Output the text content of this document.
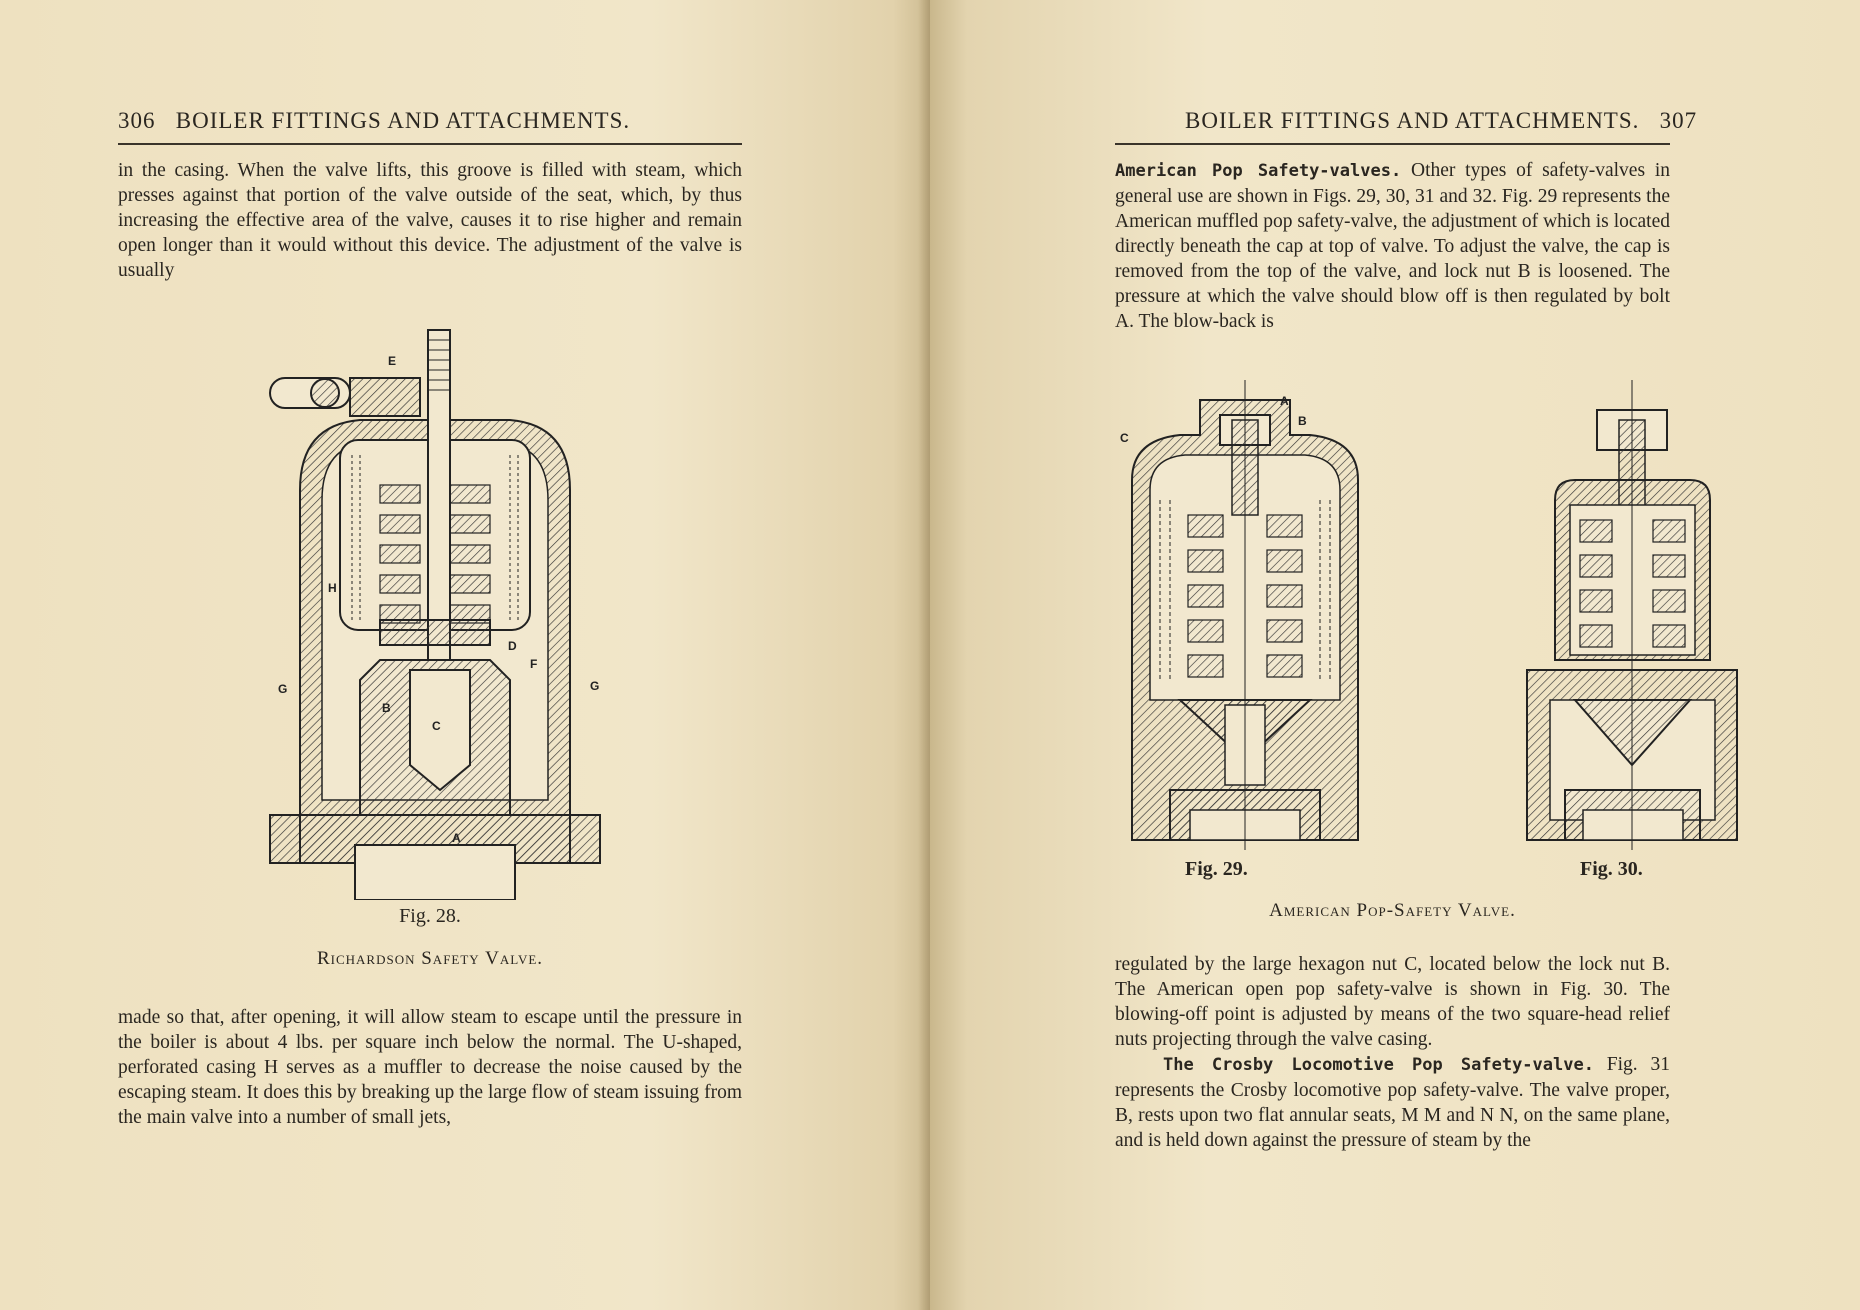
306 BOILER FITTINGS AND ATTACHMENTS.

in the casing. When the valve lifts, this groove is filled with steam, which presses against that portion of the valve outside of the seat, which, by thus increasing the effective area of the valve, causes it to rise higher and remain open longer than it would without this device. The adjustment of the valve is usually

E
H
D
F
G	G
B
C
A
Fig. 28.
Richardson Safety Valve.

made so that, after opening, it will allow steam to escape until the pressure in the boiler is about 4 lbs. per square inch below the normal. The U-shaped, perforated casing H serves as a muffler to decrease the noise caused by the escaping steam. It does this by breaking up the large flow of steam issuing from the main valve into a number of small jets,

BOILER FITTINGS AND ATTACHMENTS. 307

American Pop Safety-valves. Other types of safety-valves in general use are shown in Figs. 29, 30, 31 and 32. Fig. 29 represents the American muffled pop safety-valve, the adjustment of which is located directly beneath the cap at top of valve. To adjust the valve, the cap is removed from the top of the valve, and lock nut B is loosened. The pressure at which the valve should blow off is then regulated by bolt A. The blow-back is

A
B
C
Fig. 29.	Fig. 30.
American Pop-Safety Valve.

regulated by the large hexagon nut C, located below the lock nut B. The American open pop safety-valve is shown in Fig. 30. The blowing-off point is adjusted by means of the two square-head relief nuts projecting through the valve casing.

The Crosby Locomotive Pop Safety-valve. Fig. 31 represents the Crosby locomotive pop safety-valve. The valve proper, B, rests upon two flat annular seats, M M and N N, on the same plane, and is held down against the pressure of steam by the
